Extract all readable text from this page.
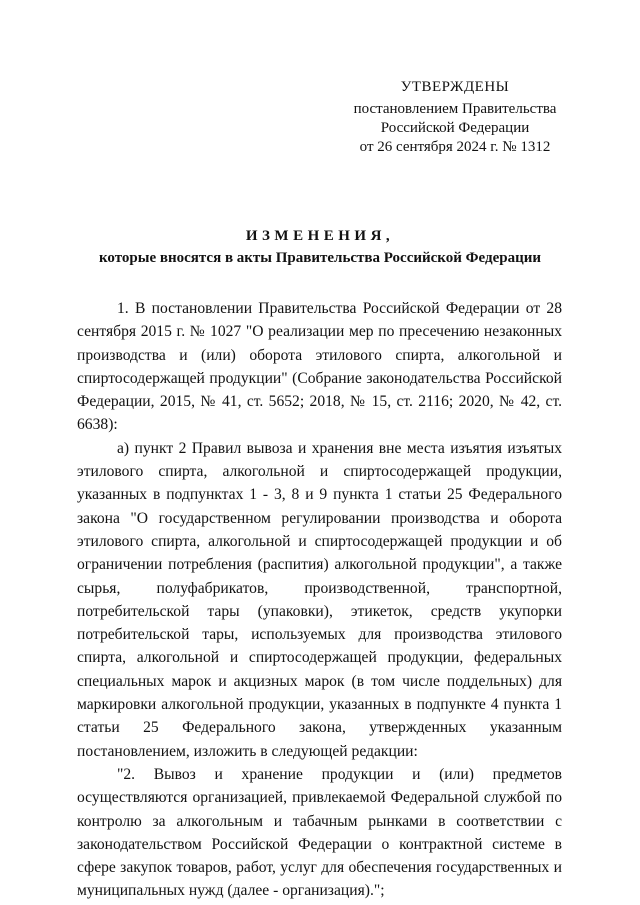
УТВЕРЖДЕНЫ
постановлением Правительства
Российской Федерации
от 26 сентября 2024 г. № 1312
ИЗМЕНЕНИЯ,
которые вносятся в акты Правительства Российской Федерации

1. В постановлении Правительства Российской Федерации от 28 сентября 2015 г. № 1027 "О реализации мер по пресечению незаконных производства и (или) оборота этилового спирта, алкогольной и спиртосодержащей продукции" (Собрание законодательства Российской Федерации, 2015, № 41, ст. 5652; 2018, № 15, ст. 2116; 2020, № 42, ст. 6638):

а) пункт 2 Правил вывоза и хранения вне места изъятия изъятых этилового спирта, алкогольной и спиртосодержащей продукции, указанных в подпунктах 1 - 3, 8 и 9 пункта 1 статьи 25 Федерального закона "О государственном регулировании производства и оборота этилового спирта, алкогольной и спиртосодержащей продукции и об ограничении потребления (распития) алкогольной продукции", а также сырья, полуфабрикатов, производственной, транспортной, потребительской тары (упаковки), этикеток, средств укупорки потребительской тары, используемых для производства этилового спирта, алкогольной и спиртосодержащей продукции, федеральных специальных марок и акцизных марок (в том числе поддельных) для маркировки алкогольной продукции, указанных в подпункте 4 пункта 1 статьи 25 Федерального закона, утвержденных указанным постановлением, изложить в следующей редакции:

"2. Вывоз и хранение продукции и (или) предметов осуществляются организацией, привлекаемой Федеральной службой по контролю за алкогольным и табачным рынками в соответствии с законодательством Российской Федерации о контрактной системе в сфере закупок товаров, работ, услуг для обеспечения государственных и муниципальных нужд (далее - организация).";
